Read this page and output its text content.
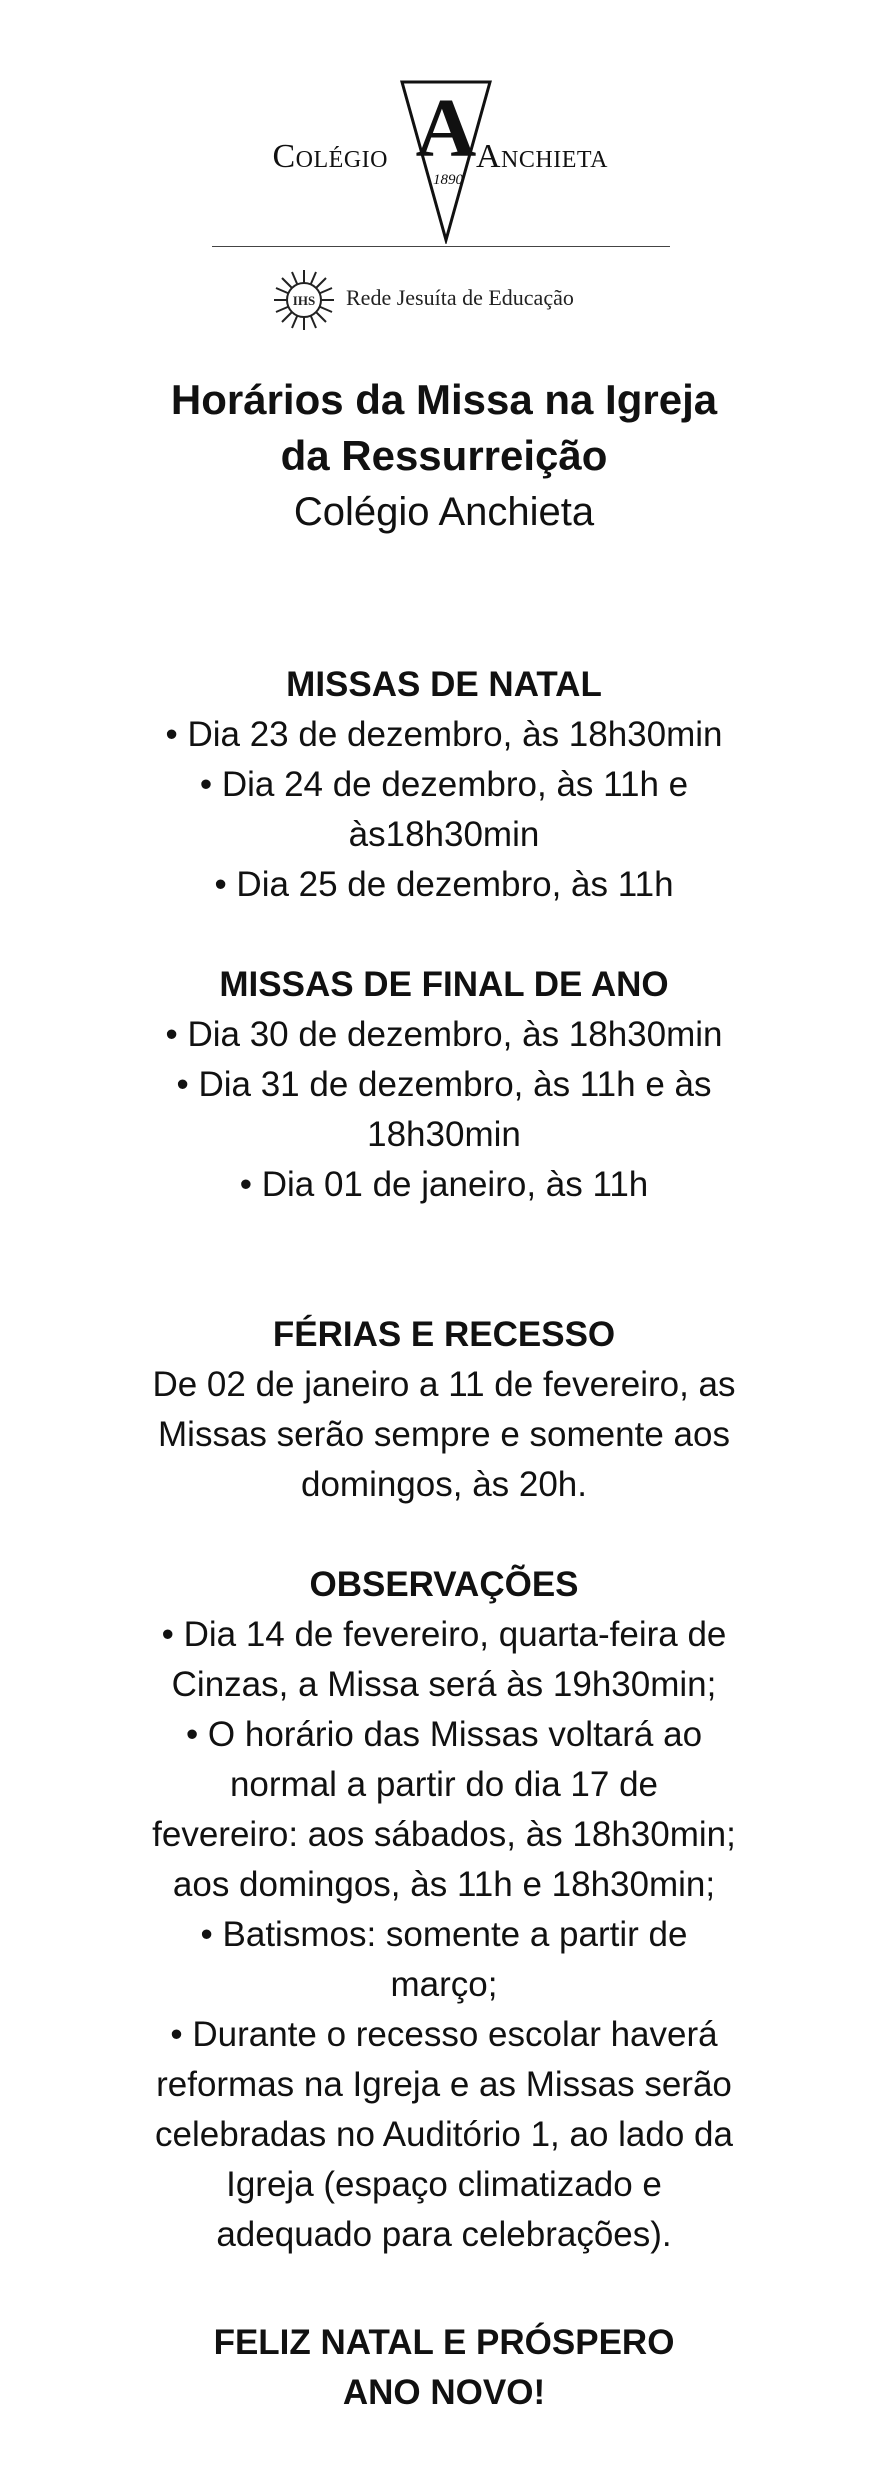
Colégio A
1890
Anchieta
IHS Rede Jesuíta de Educação
Horários da Missa na Igreja
da Ressurreição
Colégio Anchieta
MISSAS DE NATAL
• Dia 23 de dezembro, às 18h30min
• Dia 24 de dezembro, às 11h e
às18h30min
• Dia 25 de dezembro, às 11h
MISSAS DE FINAL DE ANO
• Dia 30 de dezembro, às 18h30min
• Dia 31 de dezembro, às 11h e às
18h30min
• Dia 01 de janeiro, às 11h
FÉRIAS E RECESSO
De 02 de janeiro a 11 de fevereiro, as
Missas serão sempre e somente aos
domingos, às 20h.
OBSERVAÇÕES
• Dia 14 de fevereiro, quarta-feira de
Cinzas, a Missa será às 19h30min;
• O horário das Missas voltará ao
normal a partir do dia 17 de
fevereiro: aos sábados, às 18h30min;
aos domingos, às 11h e 18h30min;
• Batismos: somente a partir de
março;
• Durante o recesso escolar haverá
reformas na Igreja e as Missas serão
celebradas no Auditório 1, ao lado da
Igreja (espaço climatizado e
adequado para celebrações).
FELIZ NATAL E PRÓSPERO
ANO NOVO!
